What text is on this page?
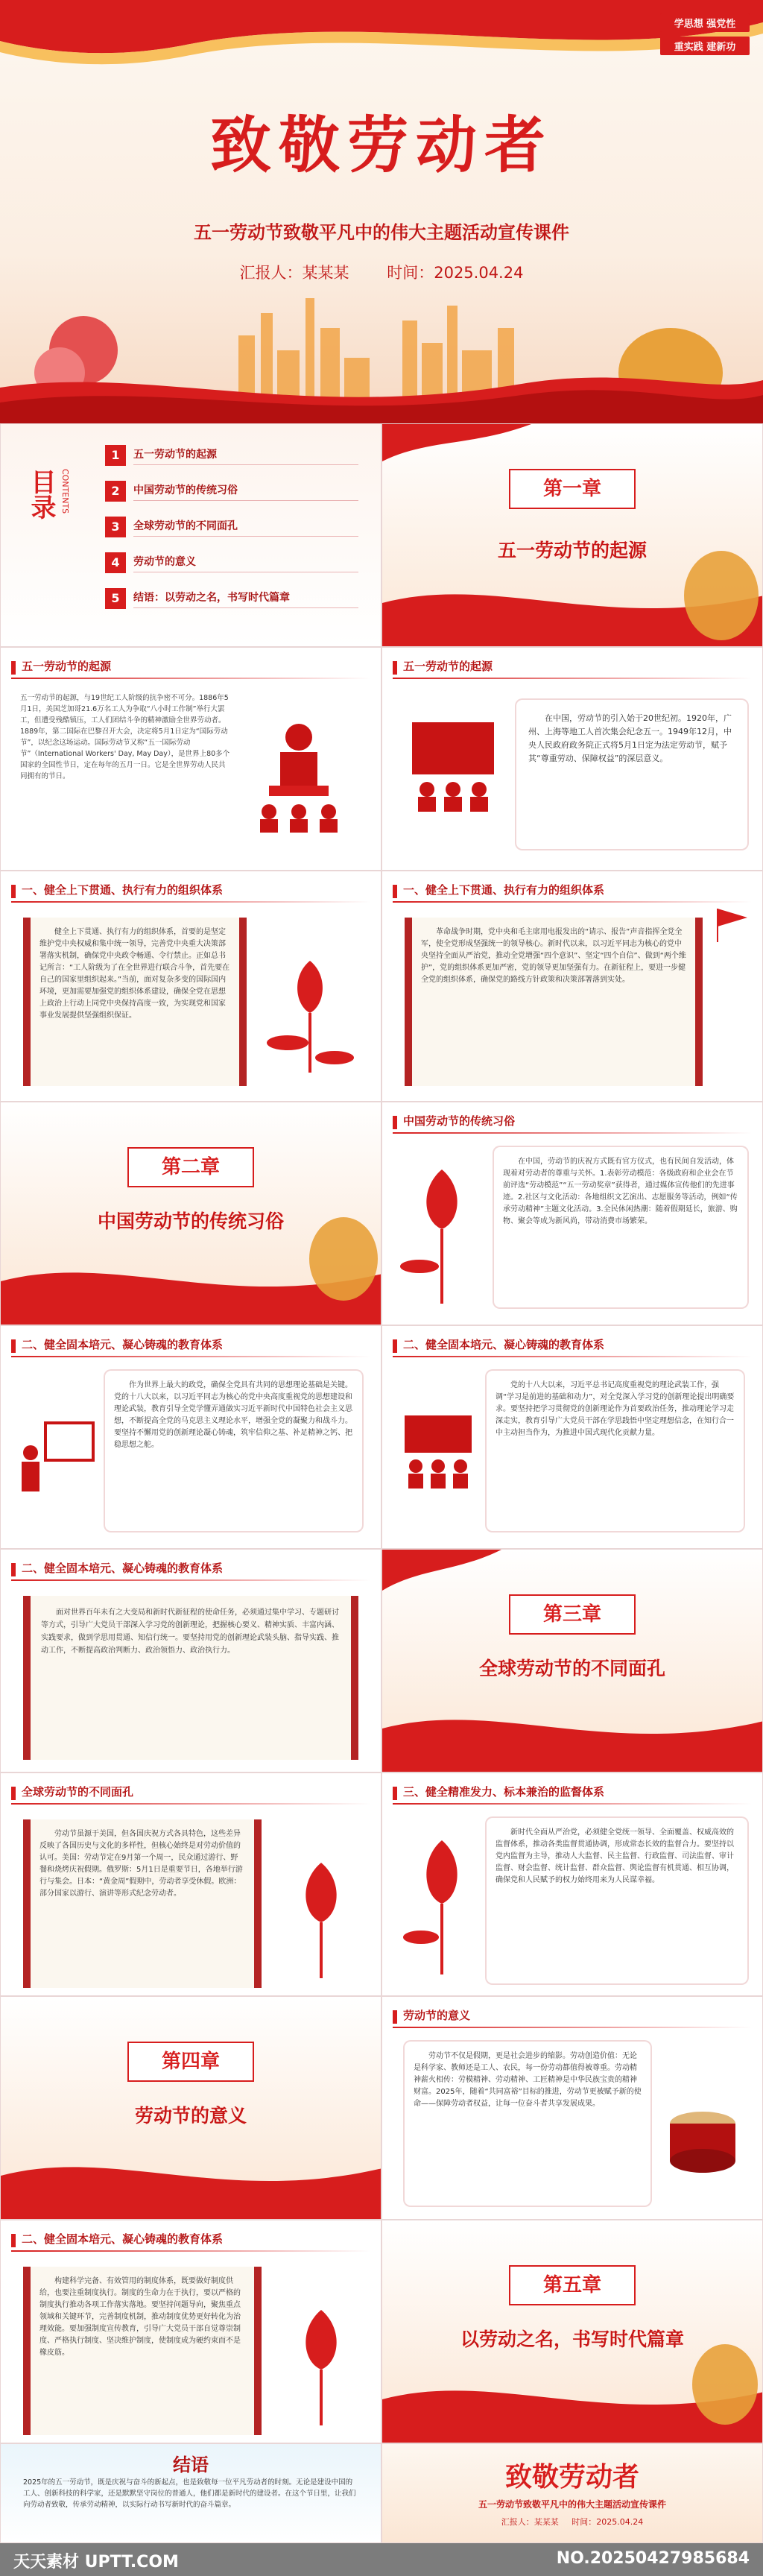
学思想 强党性
重实践 建新功
致敬劳动者
五一劳动节致敬平凡中的伟大主题活动宣传课件
汇报人：某某某 时间：2025.04.24
目录 CONTENTS
1	五一劳动节的起源
2	中国劳动节的传统习俗
3	全球劳动节的不同面孔
4	劳动节的意义
5	结语：以劳动之名，书写时代篇章
第一章
五一劳动节的起源
五一劳动节的起源
五一劳动节的起源，与19世纪工人阶级的抗争密不可分。1886年5月1日，美国芝加哥21.6万名工人为争取“八小时工作制”举行大罢工，但遭受残酷镇压，工人们团结斗争的精神激励全世界劳动者。1889年，第二国际在巴黎召开大会，决定将5月1日定为“国际劳动节”，以纪念这场运动。国际劳动节又称“五一国际劳动节”（International Workers' Day, May Day），是世界上80多个国家的全国性节日，定在每年的五月一日。它是全世界劳动人民共同拥有的节日。
五一劳动节的起源

在中国，劳动节的引入始于20世纪初。1920年，广州、上海等地工人首次集会纪念五一。1949年12月，中央人民政府政务院正式将5月1日定为法定劳动节，赋予其“尊重劳动、保障权益”的深层意义。

一、健全上下贯通、执行有力的组织体系

健全上下贯通、执行有力的组织体系，首要的是坚定维护党中央权威和集中统一领导，完善党中央重大决策部署落实机制，确保党中央政令畅通、令行禁止。正如总书记所言：“工人阶级为了在全世界进行联合斗争，首先要在自己的国家里组织起来。”当前，面对复杂多变的国际国内环境，更加需要加强党的组织体系建设，确保全党在思想上政治上行动上同党中央保持高度一致，为实现党和国家事业发展提供坚强组织保证。

一、健全上下贯通、执行有力的组织体系

革命战争时期，党中央和毛主席用电报发出的“请示、报告”声音指挥全党全军，使全党形成坚强统一的领导核心。新时代以来，以习近平同志为核心的党中央坚持全面从严治党，推动全党增强“四个意识”、坚定“四个自信”、做到“两个维护”，党的组织体系更加严密，党的领导更加坚强有力。在新征程上，要进一步健全党的组织体系，确保党的路线方针政策和决策部署落到实处。

第二章
中国劳动节的传统习俗
中国劳动节的传统习俗

在中国，劳动节的庆祝方式既有官方仪式，也有民间自发活动，体现着对劳动者的尊重与关怀。1.表彰劳动模范：各级政府和企业会在节前评选“劳动模范”“五一劳动奖章”获得者，通过媒体宣传他们的先进事迹。2.社区与文化活动：各地组织文艺演出、志愿服务等活动，例如“传承劳动精神”主题文化活动。3.全民休闲热潮：随着假期延长，旅游、购物、聚会等成为新风尚，带动消费市场繁荣。

二、健全固本培元、凝心铸魂的教育体系

作为世界上最大的政党，确保全党具有共同的思想理论基础是关键。党的十八大以来，以习近平同志为核心的党中央高度重视党的思想建设和理论武装，教育引导全党学懂弄通做实习近平新时代中国特色社会主义思想，不断提高全党的马克思主义理论水平，增强全党的凝聚力和战斗力。要坚持不懈用党的创新理论凝心铸魂，筑牢信仰之基、补足精神之钙、把稳思想之舵。

二、健全固本培元、凝心铸魂的教育体系

党的十八大以来，习近平总书记高度重视党的理论武装工作，强调“学习是前进的基础和动力”，对全党深入学习党的创新理论提出明确要求。要坚持把学习贯彻党的创新理论作为首要政治任务，推动理论学习走深走实，教育引导广大党员干部在学思践悟中坚定理想信念，在知行合一中主动担当作为，为推进中国式现代化贡献力量。

二、健全固本培元、凝心铸魂的教育体系

面对世界百年未有之大变局和新时代新征程的使命任务，必须通过集中学习、专题研讨等方式，引导广大党员干部深入学习党的创新理论，把握核心要义、精神实质、丰富内涵、实践要求，做到学思用贯通、知信行统一。要坚持用党的创新理论武装头脑、指导实践、推动工作，不断提高政治判断力、政治领悟力、政治执行力。

第三章
全球劳动节的不同面孔
全球劳动节的不同面孔

劳动节虽源于美国，但各国庆祝方式各具特色，这些差异反映了各国历史与文化的多样性，但核心始终是对劳动价值的认可。美国：劳动节定在9月第一个周一，民众通过游行、野餐和烧烤庆祝假期。俄罗斯：5月1日是重要节日，各地举行游行与集会。日本：“黄金周”假期中，劳动者享受休假。欧洲：部分国家以游行、演讲等形式纪念劳动者。

三、健全精准发力、标本兼治的监督体系

新时代全面从严治党，必须健全党统一领导、全面覆盖、权威高效的监督体系，推动各类监督贯通协调，形成常态长效的监督合力。要坚持以党内监督为主导，推动人大监督、民主监督、行政监督、司法监督、审计监督、财会监督、统计监督、群众监督、舆论监督有机贯通、相互协调，确保党和人民赋予的权力始终用来为人民谋幸福。

第四章
劳动节的意义
劳动节的意义

劳动节不仅是假期，更是社会进步的缩影。劳动创造价值：无论是科学家、教师还是工人、农民，每一份劳动都值得被尊重。劳动精神薪火相传：劳模精神、劳动精神、工匠精神是中华民族宝贵的精神财富。2025年，随着“共同富裕”目标的推进，劳动节更被赋予新的使命——保障劳动者权益，让每一位奋斗者共享发展成果。

二、健全固本培元、凝心铸魂的教育体系

构建科学完备、有效管用的制度体系，既要做好制度供给，也要注重制度执行。制度的生命力在于执行，要以严格的制度执行推动各项工作落实落地。要坚持问题导向，聚焦重点领域和关键环节，完善制度机制，推动制度优势更好转化为治理效能。要加强制度宣传教育，引导广大党员干部自觉尊崇制度、严格执行制度、坚决维护制度，使制度成为硬约束而不是橡皮筋。

第五章
以劳动之名，书写时代篇章
结语
2025年的五一劳动节，既是庆祝与奋斗的新起点，也是致敬每一位平凡劳动者的时刻。无论是建设中国的工人、创新科技的科学家，还是默默坚守岗位的普通人，他们都是新时代的建设者。在这个节日里，让我们向劳动者致敬，传承劳动精神，以实际行动书写新时代的奋斗篇章。
致敬劳动者
五一劳动节致敬平凡中的伟大主题活动宣传课件
汇报人：某某某 时间：2025.04.24
天天素材 UPTT.COM	NO.20250427985684
